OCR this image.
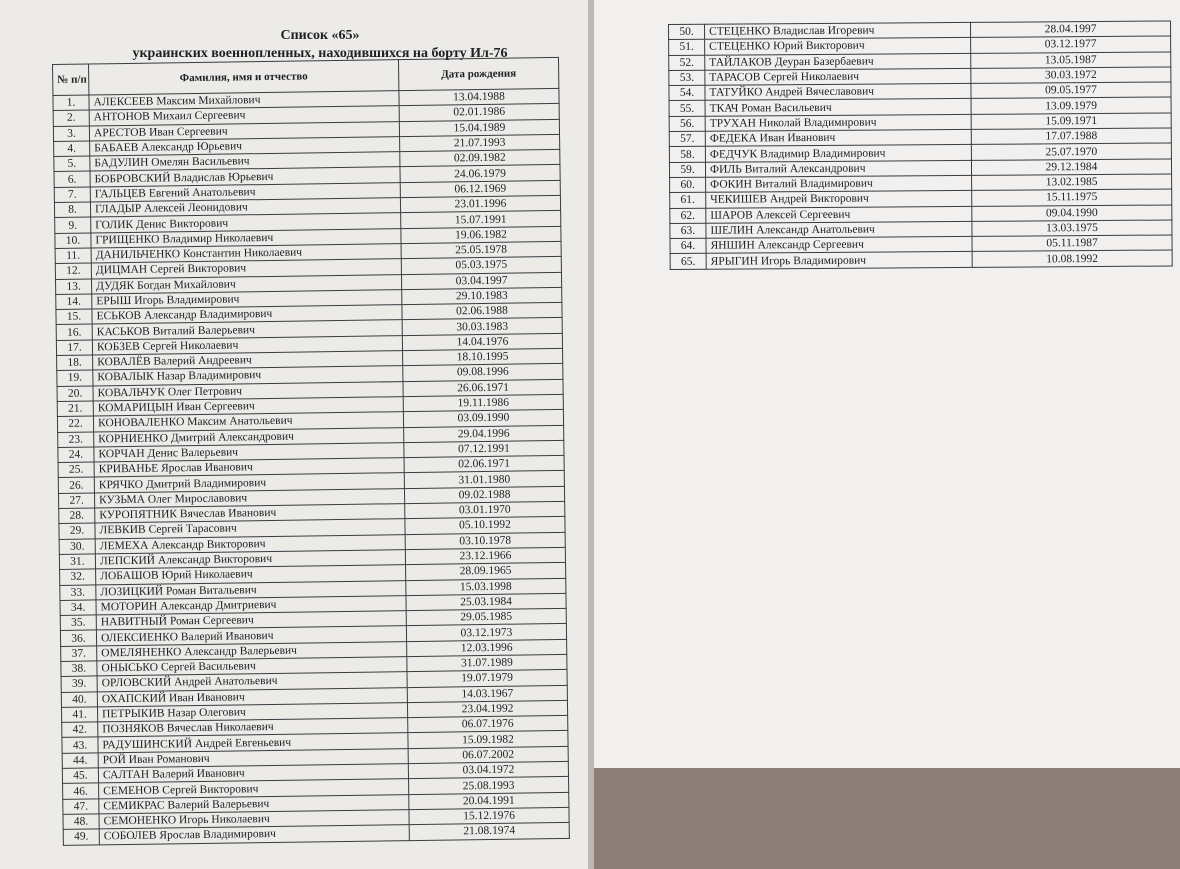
Список «65»
украинских военнопленных, находившихся на борту Ил-76
№ п/п	Фамилия, имя и отчество	Дата рождения
1.	АЛЕКСЕЕВ Максим Михайлович	13.04.1988
2.	АНТОНОВ Михаил Сергеевич	02.01.1986
3.	АРЕСТОВ Иван Сергеевич	15.04.1989
4.	БАБАЕВ Александр Юрьевич	21.07.1993
5.	БАДУЛИН Омелян Васильевич	02.09.1982
6.	БОБРОВСКИЙ Владислав Юрьевич	24.06.1979
7.	ГАЛЬЦЕВ Евгений Анатольевич	06.12.1969
8.	ГЛАДЫР Алексей Леонидович	23.01.1996
9.	ГОЛИК Денис Викторович	15.07.1991
10.	ГРИЩЕНКО Владимир Николаевич	19.06.1982
11.	ДАНИЛЬЧЕНКО Константин Николаевич	25.05.1978
12.	ДИЦМАН Сергей Викторович	05.03.1975
13.	ДУДЯК Богдан Михайлович	03.04.1997
14.	ЕРЫШ Игорь Владимирович	29.10.1983
15.	ЕСЬКОВ Александр Владимирович	02.06.1988
16.	КАСЬКОВ Виталий Валерьевич	30.03.1983
17.	КОБЗЕВ Сергей Николаевич	14.04.1976
18.	КОВАЛЁВ Валерий Андреевич	18.10.1995
19.	КОВАЛЫК Назар Владимирович	09.08.1996
20.	КОВАЛЬЧУК Олег Петрович	26.06.1971
21.	КОМАРИЦЫН Иван Сергеевич	19.11.1986
22.	КОНОВАЛЕНКО Максим Анатольевич	03.09.1990
23.	КОРНИЕНКО Дмитрий Александрович	29.04.1996
24.	КОРЧАН Денис Валерьевич	07.12.1991
25.	КРИВАНЬЕ Ярослав Иванович	02.06.1971
26.	КРЯЧКО Дмитрий Владимирович	31.01.1980
27.	КУЗЬМА Олег Мирославович	09.02.1988
28.	КУРОПЯТНИК Вячеслав Иванович	03.01.1970
29.	ЛЕВКИВ Сергей Тарасович	05.10.1992
30.	ЛЕМЕХА Александр Викторович	03.10.1978
31.	ЛЕПСКИЙ Александр Викторович	23.12.1966
32.	ЛОБАШОВ Юрий Николаевич	28.09.1965
33.	ЛОЗИЦКИЙ Роман Витальевич	15.03.1998
34.	МОТОРИН Александр Дмитриевич	25.03.1984
35.	НАВИТНЫЙ Роман Сергеевич	29.05.1985
36.	ОЛЕКСИЕНКО Валерий Иванович	03.12.1973
37.	ОМЕЛЯНЕНКО Александр Валерьевич	12.03.1996
38.	ОНЫСЬКО Сергей Васильевич	31.07.1989
39.	ОРЛОВСКИЙ Андрей Анатольевич	19.07.1979
40.	ОХАПСКИЙ Иван Иванович	14.03.1967
41.	ПЕТРЫКИВ Назар Олегович	23.04.1992
42.	ПОЗНЯКОВ Вячеслав Николаевич	06.07.1976
43.	РАДУШИНСКИЙ Андрей Евгеньевич	15.09.1982
44.	РОЙ Иван Романович	06.07.2002
45.	САЛТАН Валерий Иванович	03.04.1972
46.	СЕМЕНОВ Сергей Викторович	25.08.1993
47.	СЕМИКРАС Валерий Валерьевич	20.04.1991
48.	СЕМОНЕНКО Игорь Николаевич	15.12.1976
49.	СОБОЛЕВ Ярослав Владимирович	21.08.1974
50.	СТЕЦЕНКО Владислав Игоревич	28.04.1997
51.	СТЕЦЕНКО Юрий Викторович	03.12.1977
52.	ТАЙЛАКОВ Деуран Базербаевич	13.05.1987
53.	ТАРАСОВ Сергей Николаевич	30.03.1972
54.	ТАТУЙКО Андрей Вячеславович	09.05.1977
55.	ТКАЧ Роман Васильевич	13.09.1979
56.	ТРУХАН Николай Владимирович	15.09.1971
57.	ФЕДЕКА Иван Иванович	17.07.1988
58.	ФЕДЧУК Владимир Владимирович	25.07.1970
59.	ФИЛЬ Виталий Александрович	29.12.1984
60.	ФОКИН Виталий Владимирович	13.02.1985
61.	ЧЕКИШЕВ Андрей Викторович	15.11.1975
62.	ШАРОВ Алексей Сергеевич	09.04.1990
63.	ШЕЛИН Александр Анатольевич	13.03.1975
64.	ЯНШИН Александр Сергеевич	05.11.1987
65.	ЯРЫГИН Игорь Владимирович	10.08.1992
